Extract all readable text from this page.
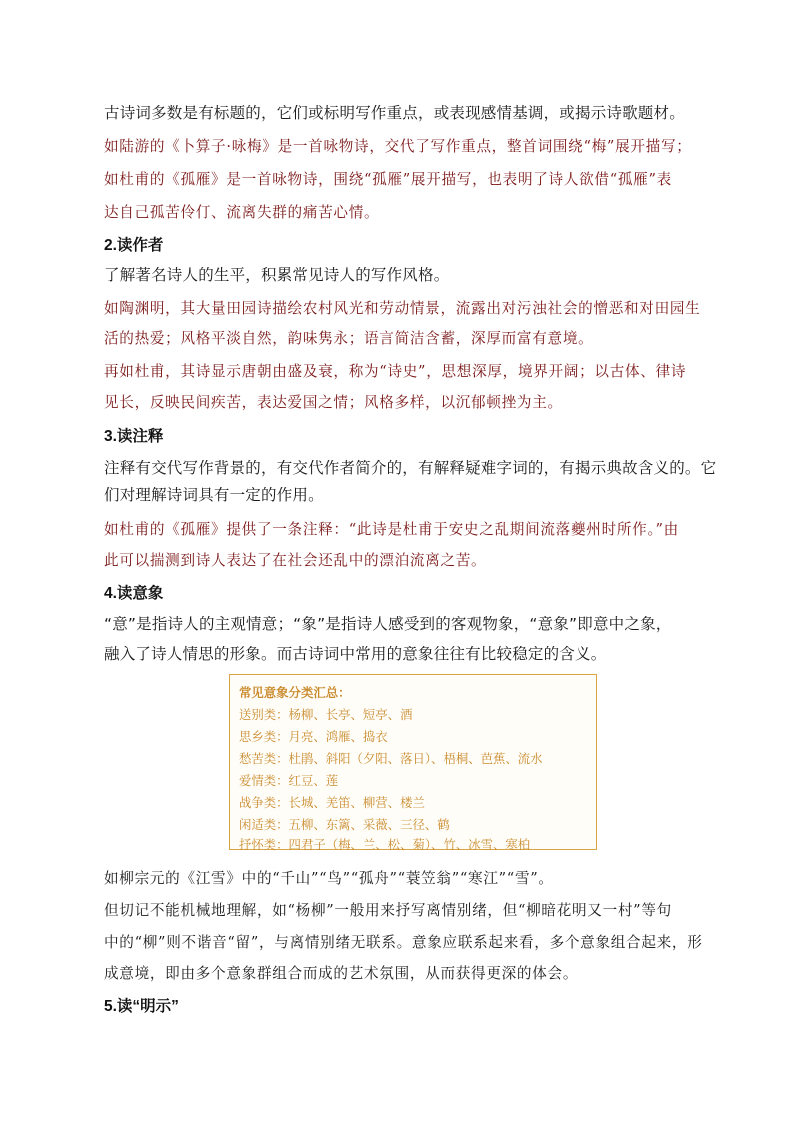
古诗词多数是有标题的，它们或标明写作重点，或表现感情基调，或揭示诗歌题材。
如陆游的《卜算子·咏梅》是一首咏物诗，交代了写作重点，整首词围绕“梅”展开描写；
如杜甫的《孤雁》是一首咏物诗，围绕“孤雁”展开描写，也表明了诗人欲借“孤雁”表
达自己孤苦伶仃、流离失群的痛苦心情。
2.读作者
了解著名诗人的生平，积累常见诗人的写作风格。
如陶渊明，其大量田园诗描绘农村风光和劳动情景，流露出对污浊社会的憎恶和对田园生
活的热爱；风格平淡自然，韵味隽永；语言简洁含蓄，深厚而富有意境。
再如杜甫，其诗显示唐朝由盛及衰，称为“诗史”，思想深厚，境界开阔；以古体、律诗
见长，反映民间疾苦，表达爱国之情；风格多样，以沉郁顿挫为主。
3.读注释
注释有交代写作背景的，有交代作者简介的，有解释疑难字词的，有揭示典故含义的。它
们对理解诗词具有一定的作用。
如杜甫的《孤雁》提供了一条注释：“此诗是杜甫于安史之乱期间流落夔州时所作。”由
此可以揣测到诗人表达了在社会还乱中的漂泊流离之苦。
4.读意象
“意”是指诗人的主观情意；“象”是指诗人感受到的客观物象，“意象”即意中之象，
融入了诗人情思的形象。而古诗词中常用的意象往往有比较稳定的含义。
常见意象分类汇总：
送别类：杨柳、长亭、短亭、酒
思乡类：月亮、鸿雁、捣衣
愁苦类：杜鹃、斜阳（夕阳、落日）、梧桐、芭蕉、流水
爱情类：红豆、莲
战争类：长城、羌笛、柳营、楼兰
闲适类：五柳、东篱、采薇、三径、鹤
抒怀类：四君子（梅、兰、松、菊）、竹、冰雪、寒柏
如柳宗元的《江雪》中的“千山”“鸟”“孤舟”“蓑笠翁”“寒江”“雪”。
但切记不能机械地理解，如“杨柳”一般用来抒写离情别绪，但“柳暗花明又一村”等句
中的“柳”则不谐音“留”，与离情别绪无联系。意象应联系起来看，多个意象组合起来，形
成意境，即由多个意象群组合而成的艺术氛围，从而获得更深的体会。
5.读“明示”
